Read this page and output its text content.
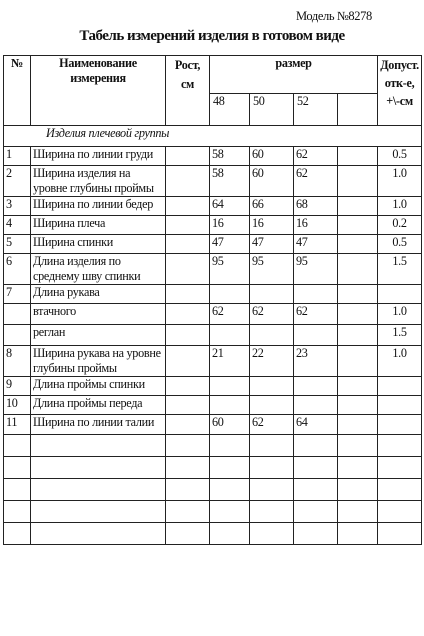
Модель №8278
Табель измерений изделия в готовом виде
№	Наименование измерения	Рост,
см	размер				Допуст.
отк-е,
+\-см
			48	50	52		
Изделия плечевой группы							
1	Ширина по линии груди		58	60	62		0.5
2	Ширина изделия на уровне глубины проймы		58	60	62		1.0
3	Ширина по линии бедер		64	66	68		1.0
4	Ширина плеча		16	16	16		0.2
5	Ширина спинки		47	47	47		0.5
6	Длина изделия по среднему шву спинки		95	95	95		1.5
7	Длина рукава						
	втачного		62	62	62		1.0
	реглан						1.5
8	Ширина рукава на уровне глубины проймы		21	22	23		1.0
9	Длина проймы спинки						
10	Длина проймы переда						
11	Ширина по линии талии		60	62	64		
